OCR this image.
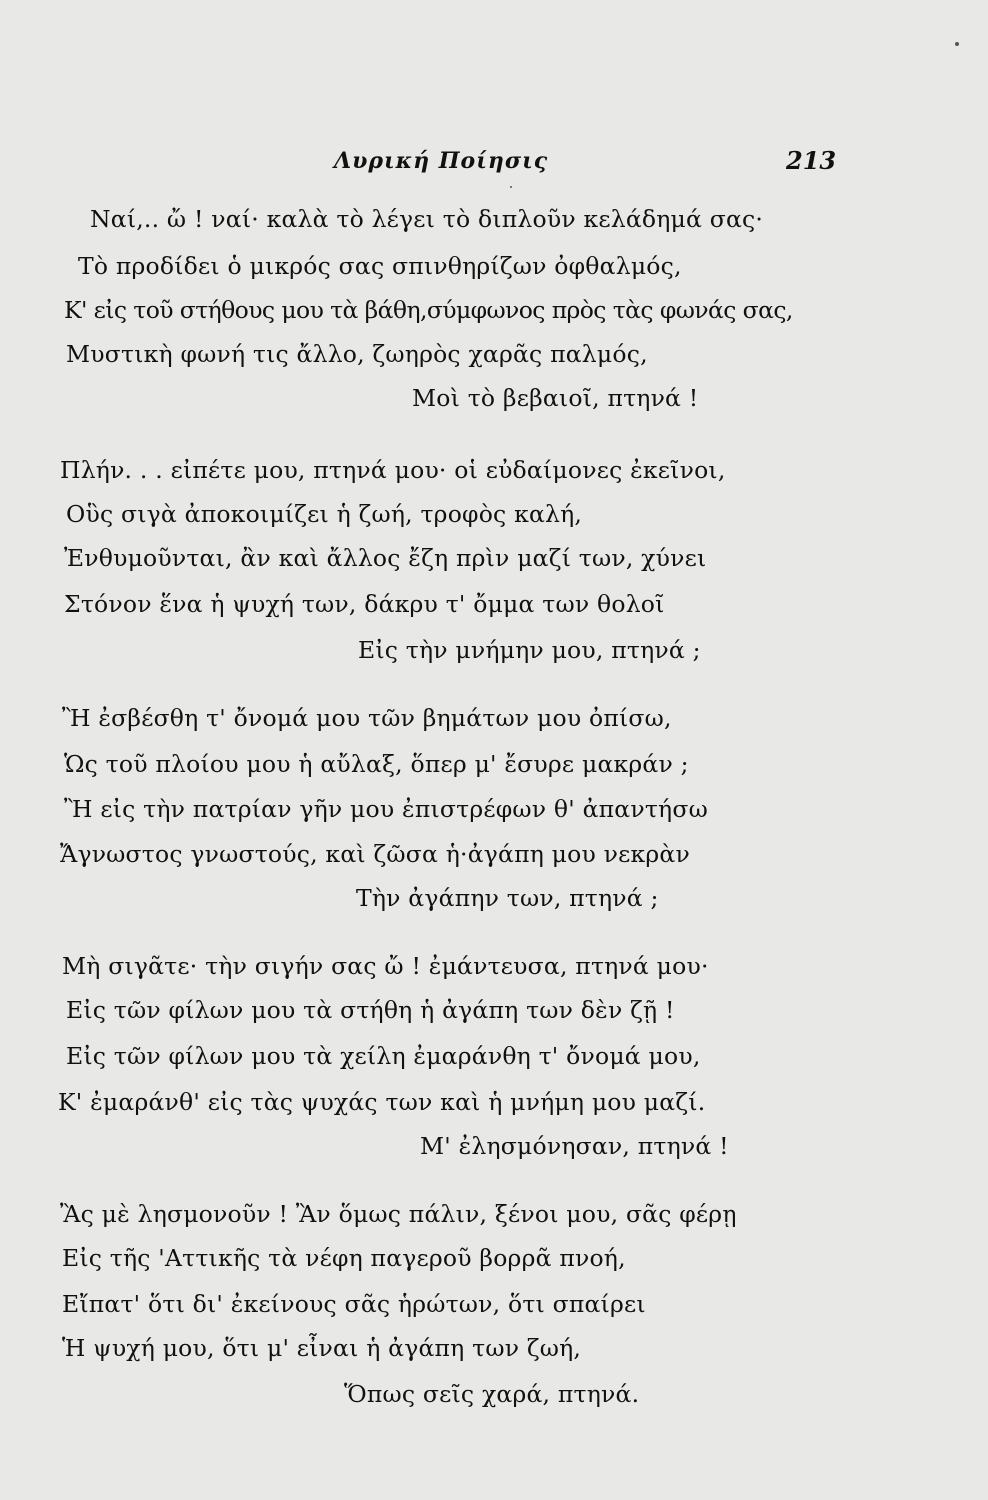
Λυρική Ποίησις	213
Ναί,.. ὤ ! ναί· καλὰ τὸ λέγει τὸ διπλοῦν κελάδημά σας·
Τὸ προδίδει ὁ μικρός σας σπινθηρίζων ὀφθαλμός,
Κ' εἰς τοῦ στήθους μου τὰ βάθη,σύμφωνος πρὸς τὰς φωνάς σας,
Μυστικὴ φωνή τις ἄλλο, ζωηρὸς χαρᾶς παλμός,
Μοὶ τὸ βεβαιοῖ, πτηνά !
Πλήν. . . εἰπέτε μου, πτηνά μου· οἱ εὐδαίμονες ἐκεῖνοι,
Οὓς σιγὰ ἀποκοιμίζει ἡ ζωή, τροφὸς καλή,
Ἐνθυμοῦνται, ἂν καὶ ἄλλος ἔζη πρὶν μαζί των, χύνει
Στόνον ἕνα ἡ ψυχή των, δάκρυ τ' ὄμμα των θολοῖ
Εἰς τὴν μνήμην μου, πτηνά ;
Ἢ ἐσβέσθη τ' ὄνομά μου τῶν βημάτων μου ὀπίσω,
Ὡς τοῦ πλοίου μου ἡ αὔλαξ, ὅπερ μ' ἔσυρε μακράν ;
Ἢ εἰς τὴν πατρίαν γῆν μου ἐπιστρέφων θ' ἀπαντήσω
Ἄγνωστος γνωστούς, καὶ ζῶσα ἡ·ἀγάπη μου νεκρὰν
Τὴν ἀγάπην των, πτηνά ;
Μὴ σιγᾶτε· τὴν σιγήν σας ὤ ! ἐμάντευσα, πτηνά μου·
Εἰς τῶν φίλων μου τὰ στήθη ἡ ἀγάπη των δὲν ζῇ !
Εἰς τῶν φίλων μου τὰ χείλη ἐμαράνθη τ' ὄνομά μου,
Κ' ἐμαράνθ' εἰς τὰς ψυχάς των καὶ ἡ μνήμη μου μαζί.
Μ' ἐλησμόνησαν, πτηνά !
Ἂς μὲ λησμονοῦν ! Ἂν ὅμως πάλιν, ξένοι μου, σᾶς φέρῃ
Εἰς τῆς 'Αττικῆς τὰ νέφη παγεροῦ βορρᾶ πνοή,
Εἴπατ' ὅτι δι' ἐκείνους σᾶς ἡρώτων, ὅτι σπαίρει
Ἡ ψυχή μου, ὅτι μ' εἶναι ἡ ἀγάπη των ζωή,
Ὅπως σεῖς χαρά, πτηνά.
